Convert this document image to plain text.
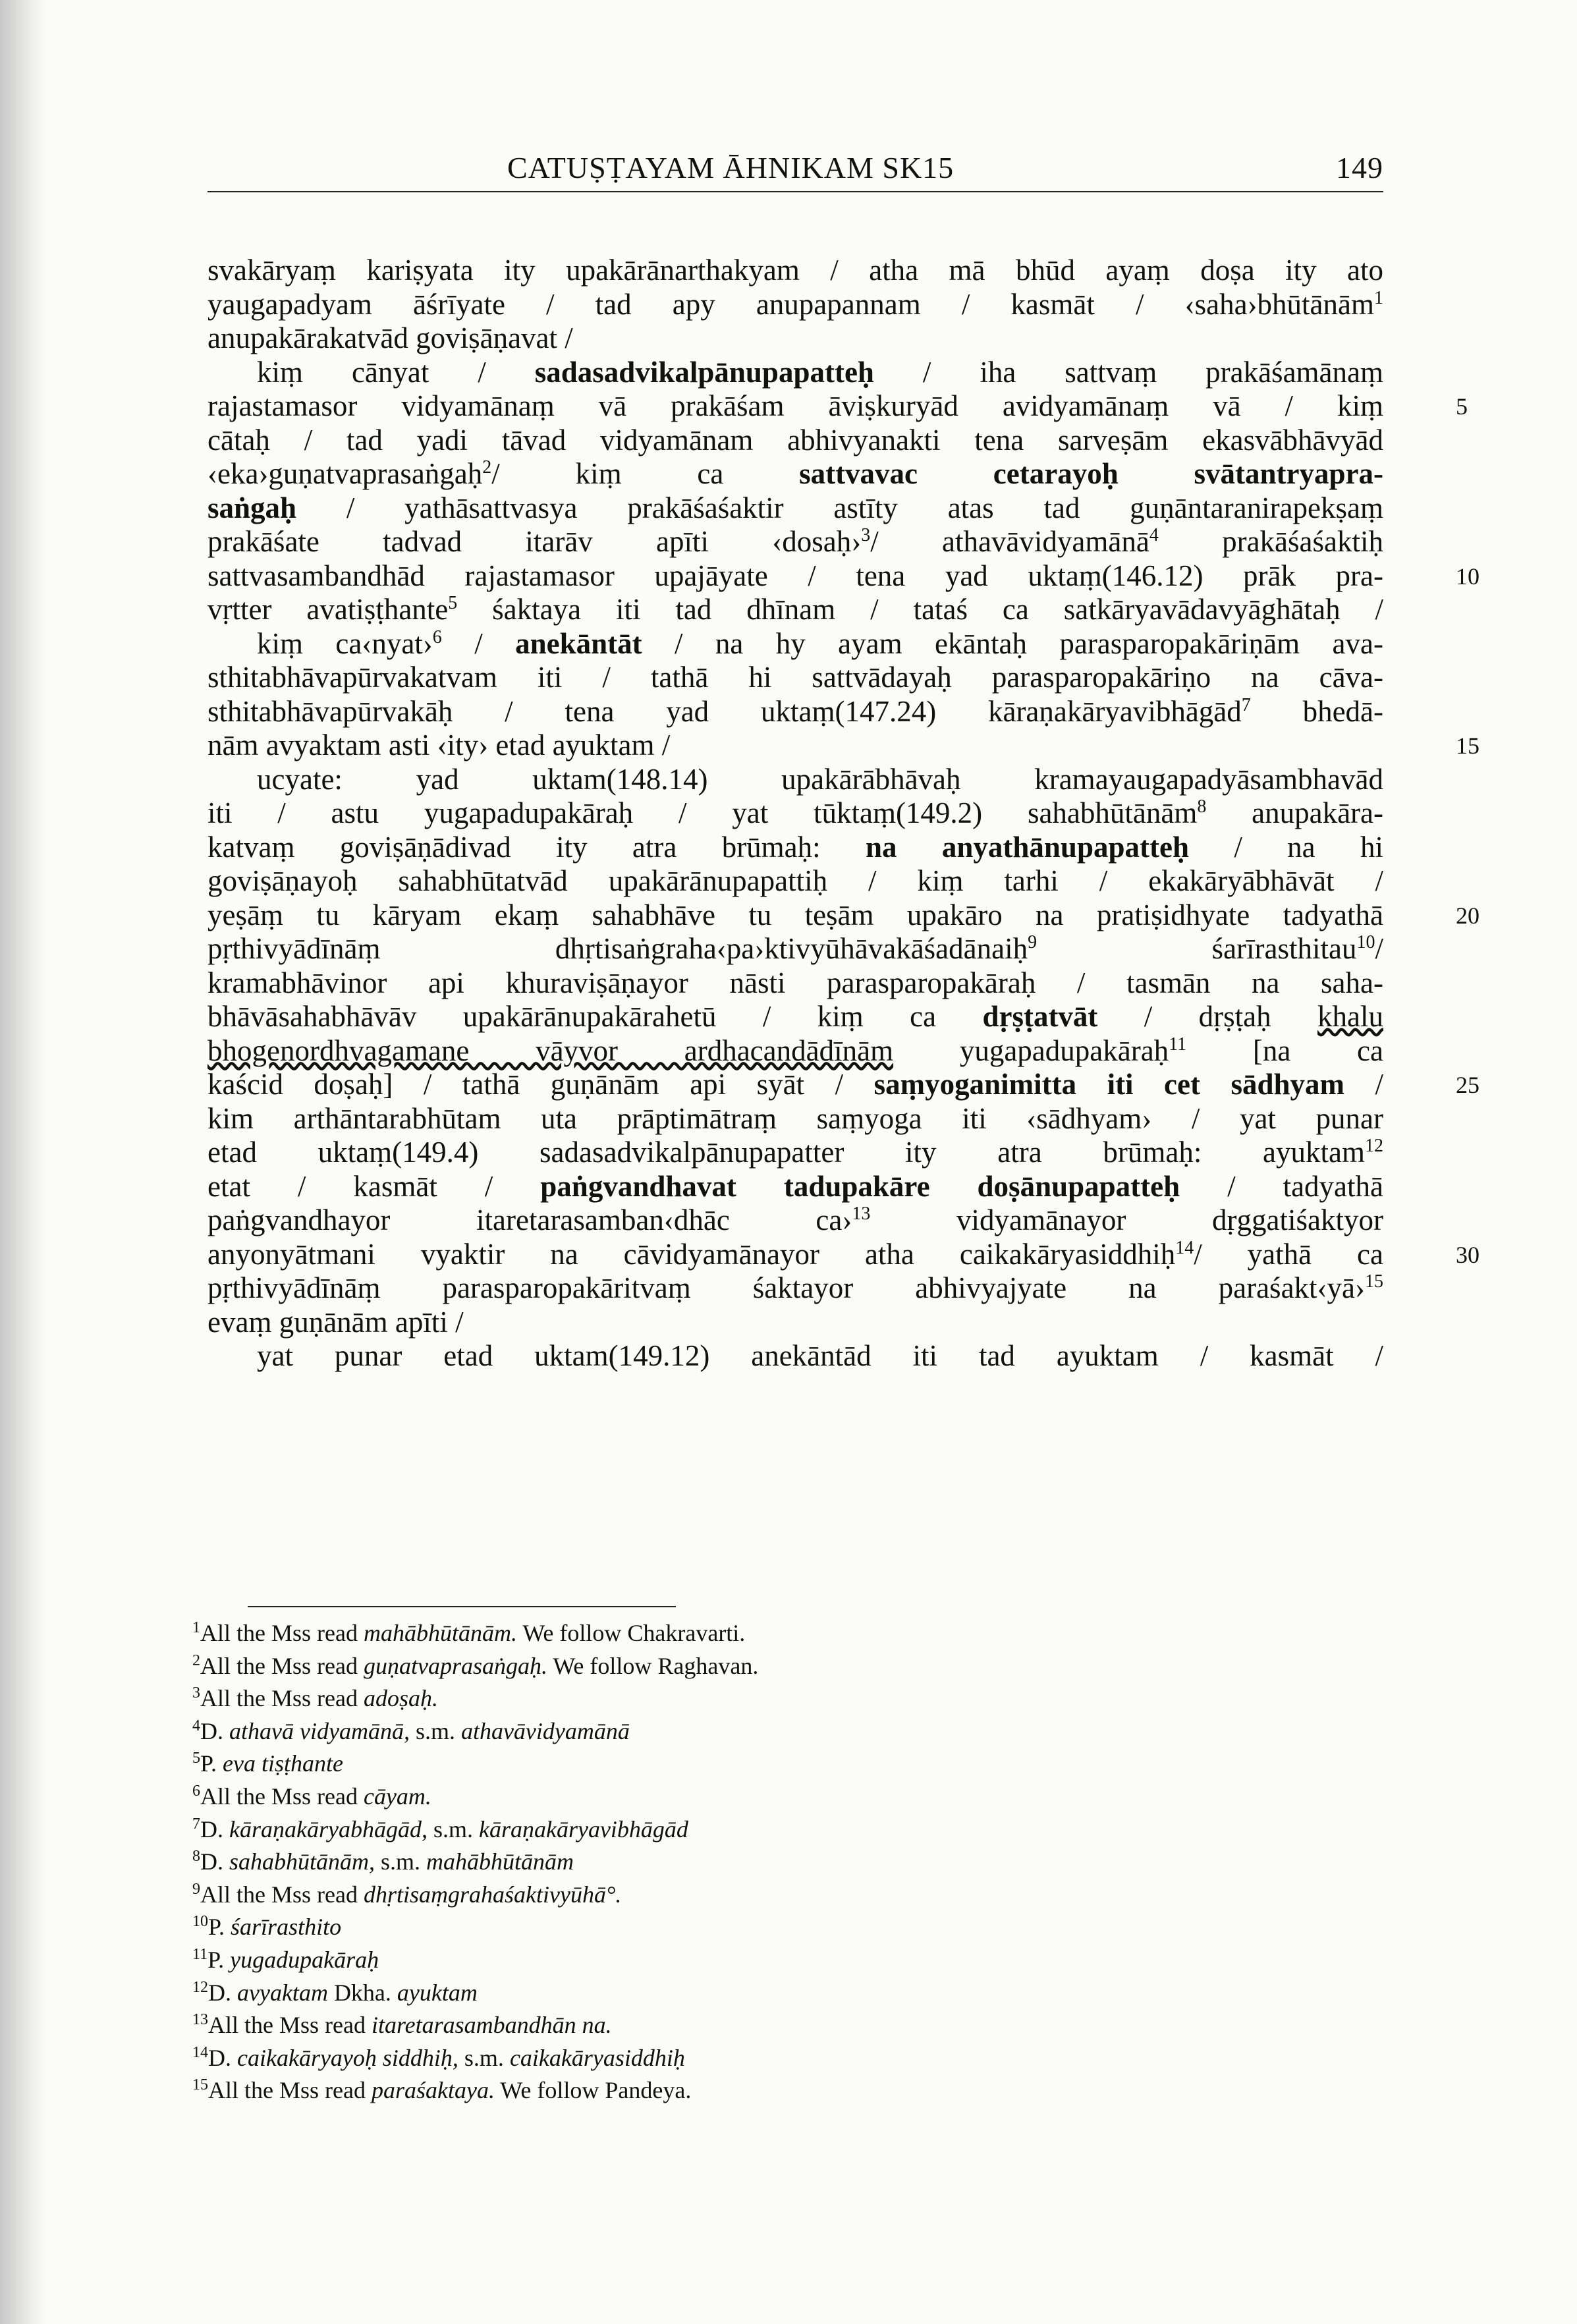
CATUṢṬAYAM ĀHNIKAM SK15	149
svakāryaṃ kariṣyata ity upakārānarthakyam / atha mā bhūd ayaṃ doṣa ity ato
yaugapadyam āśrīyate / tad apy anupapannam / kasmāt / ‹saha›bhūtānām$^1$
anupakārakatvād goviṣāṇavat /
kiṃ cānyat / sadasadvikalpānupapatteḥ / iha sattvaṃ prakāśamānaṃ
rajastamasor vidyamānaṃ vā prakāśam āviṣkuryād avidyamānaṃ vā / kiṃ
cātaḥ / tad yadi tāvad vidyamānam abhivyanakti tena sarveṣām ekasvābhāvyād
‹eka›guṇatvaprasaṅgaḥ$^2$/ kiṃ ca sattvavac cetarayoḥ svātantryapra-
saṅgaḥ / yathāsattvasya prakāśaśaktir astīty atas tad guṇāntaranirapekṣaṃ
prakāśate tadvad itarāv apīti ‹dosaḥ›$^3$/ athavāvidyamānā$^4$ prakāśaśaktiḥ
sattvasambandhād rajastamasor upajāyate / tena yad uktaṃ(146.12) prāk pra-
vṛtter avatiṣṭhante$^5$ śaktaya iti tad dhīnam / tataś ca satkāryavādavyāghātaḥ /
kiṃ ca‹nyat›$^6$ / anekāntāt / na hy ayam ekāntaḥ parasparopakāriṇām ava-
sthitabhāvapūrvakatvam iti / tathā hi sattvādayaḥ parasparopakāriṇo na cāva-
sthitabhāvapūrvakāḥ / tena yad uktaṃ(147.24) kāraṇakāryavibhāgād$^7$ bhedā-
nām avyaktam asti ‹ity› etad ayuktam /
ucyate: yad uktam(148.14) upakārābhāvaḥ kramayaugapadyāsambhavād
iti / astu yugapadupakāraḥ / yat tūktaṃ(149.2) sahabhūtānām$^8$ anupakāra-
katvaṃ goviṣāṇādivad ity atra brūmaḥ: na anyathānupapatteḥ / na hi
goviṣāṇayoḥ sahabhūtatvād upakārānupapattiḥ / kiṃ tarhi / ekakāryābhāvāt /
yeṣāṃ tu kāryam ekaṃ sahabhāve tu teṣām upakāro na pratiṣidhyate tadyathā
pṛthivyādīnāṃ dhṛtisaṅgraha‹pa›ktivyūhāvakāśadānaiḥ$^9$ śarīrasthitau$^{10}$/
kramabhāvinor api khuraviṣāṇayor nāsti parasparopakāraḥ / tasmān na saha-
bhāvāsahabhāvāv upakārānupakārahetū / kiṃ ca dṛṣṭatvāt / dṛṣṭaḥ khalu
bhogenordhvagamane vāyvor ardhacandādīnām yugapadupakāraḥ$^{11}$ [na ca
kaścid doṣaḥ] / tathā guṇānām api syāt / saṃyoganimitta iti cet sādhyam /
kim arthāntarabhūtam uta prāptimātraṃ saṃyoga iti ‹sādhyam› / yat punar
etad uktaṃ(149.4) sadasadvikalpānupapatter ity atra brūmaḥ: ayuktam$^{12}$
etat / kasmāt / paṅgvandhavat tadupakāre doṣānupapatteḥ / tadyathā
paṅgvandhayor itaretarasamban‹dhāc ca›$^{13}$ vidyamānayor dṛggatiśaktyor
anyonyātmani vyaktir na cāvidyamānayor atha caikakāryasiddhiḥ$^{14}$/ yathā ca
pṛthivyādīnāṃ parasparopakāritvaṃ śaktayor abhivyajyate na paraśakt‹yā›$^{15}$
evaṃ guṇānām apīti /
yat punar etad uktam(149.12) anekāntād iti tad ayuktam / kasmāt /
5
10
15
20
25
30
$^1$All the Mss read mahābhūtānām. We follow Chakravarti.
$^2$All the Mss read guṇatvaprasaṅgaḥ. We follow Raghavan.
$^3$All the Mss read adoṣaḥ.
$^4$D. athavā vidyamānā, s.m. athavāvidyamānā
$^5$P. eva tiṣṭhante
$^6$All the Mss read cāyam.
$^7$D. kāraṇakāryabhāgād, s.m. kāraṇakāryavibhāgād
$^8$D. sahabhūtānām, s.m. mahābhūtānām
$^9$All the Mss read dhṛtisaṃgrahaśaktivyūhā°.
$^{10}$P. śarīrasthito
$^{11}$P. yugadupakāraḥ
$^{12}$D. avyaktam Dkha. ayuktam
$^{13}$All the Mss read itaretarasambandhān na.
$^{14}$D. caikakāryayoḥ siddhiḥ, s.m. caikakāryasiddhiḥ
$^{15}$All the Mss read paraśaktaya. We follow Pandeya.
